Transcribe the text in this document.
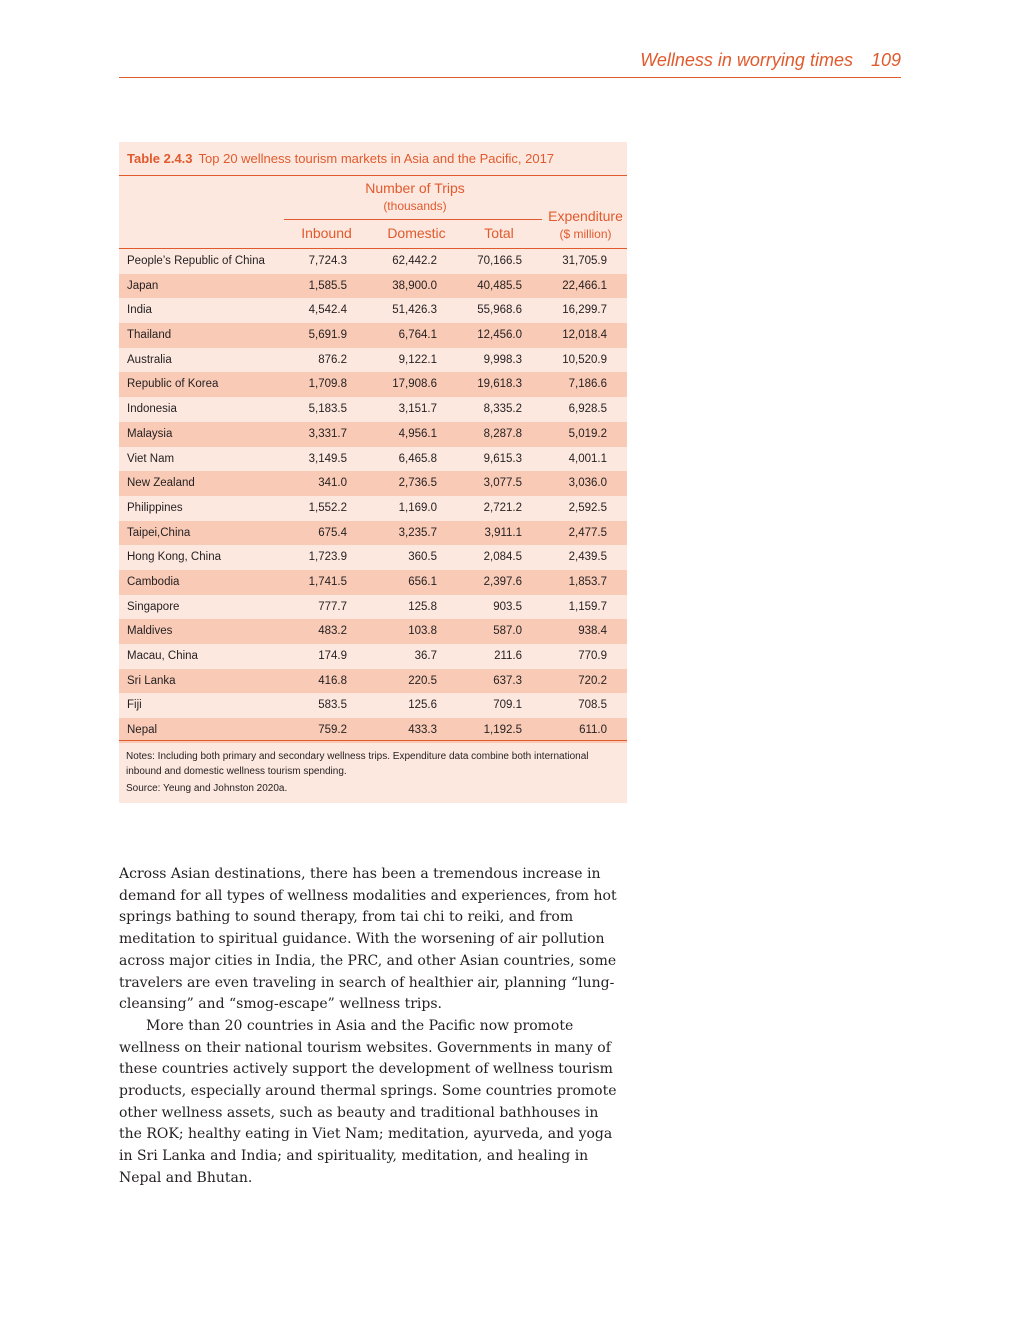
Wellness in worrying times 109
Table 2.4.3 Top 20 wellness tourism markets in Asia and the Pacific, 2017
Number of Trips
(thousands)
Inbound	Domestic	Total
Expenditure
($ million)
People’s Republic of China	7,724.3	62,442.2	70,166.5	31,705.9
Japan	1,585.5	38,900.0	40,485.5	22,466.1
India	4,542.4	51,426.3	55,968.6	16,299.7
Thailand	5,691.9	6,764.1	12,456.0	12,018.4
Australia	876.2	9,122.1	9,998.3	10,520.9
Republic of Korea	1,709.8	17,908.6	19,618.3	7,186.6
Indonesia	5,183.5	3,151.7	8,335.2	6,928.5
Malaysia	3,331.7	4,956.1	8,287.8	5,019.2
Viet Nam	3,149.5	6,465.8	9,615.3	4,001.1
New Zealand	341.0	2,736.5	3,077.5	3,036.0
Philippines	1,552.2	1,169.0	2,721.2	2,592.5
Taipei,China	675.4	3,235.7	3,911.1	2,477.5
Hong Kong, China	1,723.9	360.5	2,084.5	2,439.5
Cambodia	1,741.5	656.1	2,397.6	1,853.7
Singapore	777.7	125.8	903.5	1,159.7
Maldives	483.2	103.8	587.0	938.4
Macau, China	174.9	36.7	211.6	770.9
Sri Lanka	416.8	220.5	637.3	720.2
Fiji	583.5	125.6	709.1	708.5
Nepal	759.2	433.3	1,192.5	611.0
Notes: Including both primary and secondary wellness trips. Expenditure data combine both international inbound and domestic wellness tourism spending.
Source: Yeung and Johnston 2020a.

Across Asian destinations, there has been a tremendous increase in demand for all types of wellness modalities and experiences, from hot springs bathing to sound therapy, from tai chi to reiki, and from meditation to spiritual guidance. With the worsening of air pollution across major cities in India, the PRC, and other Asian countries, some travelers are even traveling in search of healthier air, planning “lung-cleansing” and “smog-escape” wellness trips.

More than 20 countries in Asia and the Pacific now promote wellness on their national tourism websites. Governments in many of these countries actively support the development of wellness tourism products, especially around thermal springs. Some countries promote other wellness assets, such as beauty and traditional bathhouses in the ROK; healthy eating in Viet Nam; meditation, ayurveda, and yoga in Sri Lanka and India; and spirituality, meditation, and healing in Nepal and Bhutan.
